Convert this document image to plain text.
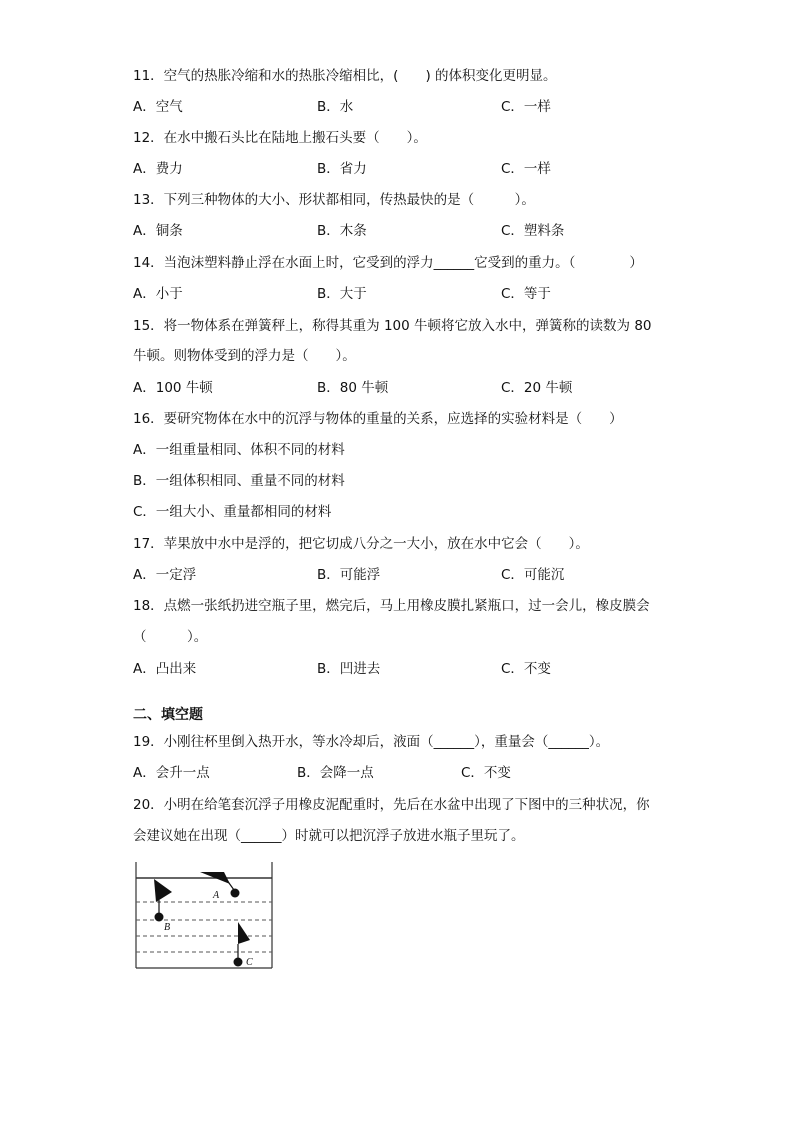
11．空气的热胀冷缩和水的热胀冷缩相比，(　　) 的体积变化更明显。
A．空气	B．水	C．一样
12．在水中搬石头比在陆地上搬石头要（　　）。
A．费力	B．省力	C．一样
13．下列三种物体的大小、形状都相同，传热最快的是（　　　）。
A．铜条	B．木条	C．塑料条
14．当泡沫塑料静止浮在水面上时，它受到的浮力______它受到的重力。（　　　　）
A．小于	B．大于	C．等于
15．将一物体系在弹簧秤上，称得其重为 100 牛顿将它放入水中，弹簧称的读数为 80
牛顿。则物体受到的浮力是（　　）。
A．100 牛顿	B．80 牛顿	C．20 牛顿
16．要研究物体在水中的沉浮与物体的重量的关系，应选择的实验材料是（　　）
A．一组重量相同、体积不同的材料
B．一组体积相同、重量不同的材料
C．一组大小、重量都相同的材料
17．苹果放中水中是浮的，把它切成八分之一大小，放在水中它会（　　）。
A．一定浮	B．可能浮	C．可能沉
18．点燃一张纸扔进空瓶子里，燃完后，马上用橡皮膜扎紧瓶口，过一会儿，橡皮膜会
（　　　）。
A．凸出来	B．凹进去	C．不变
二、填空题
19．小刚往杯里倒入热开水，等水冷却后，液面（______），重量会（______）。
A．会升一点	B．会降一点	C．不变
20．小明在给笔套沉浮子用橡皮泥配重时，先后在水盆中出现了下图中的三种状况，你
会建议她在出现（______）时就可以把沉浮子放进水瓶子里玩了。
B
A
C
